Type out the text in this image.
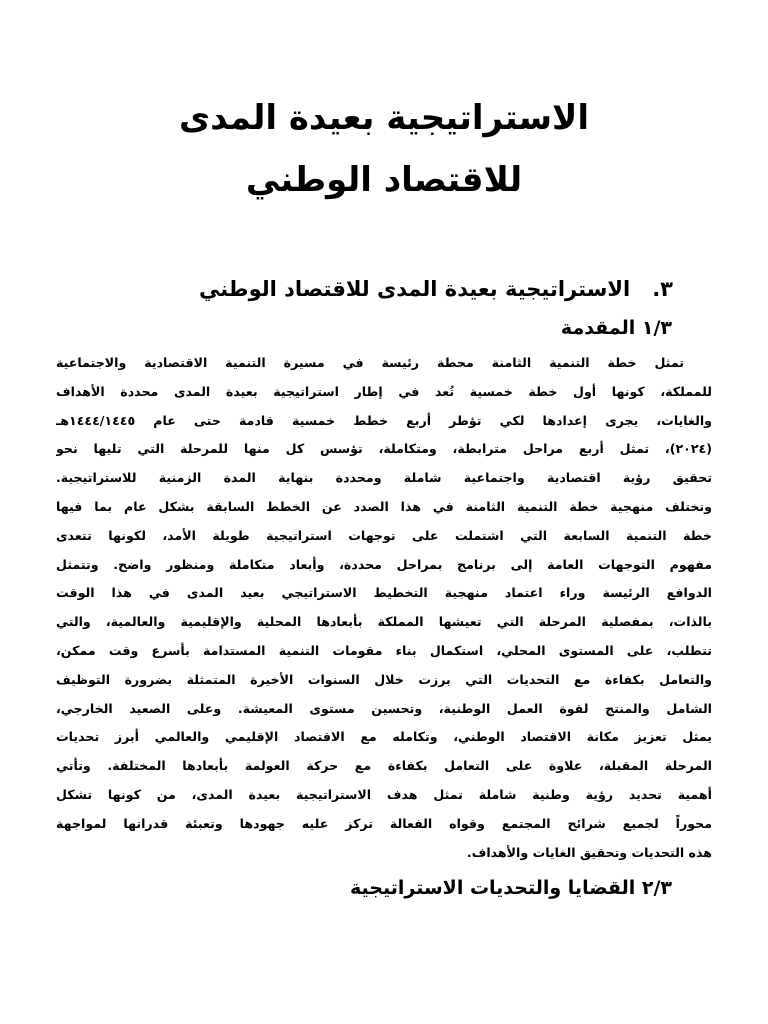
الاستراتيجية بعيدة المدى
للاقتصاد الوطني
٣.الاستراتيجية بعيدة المدى للاقتصاد الوطني
١/٣ المقدمة
تمثل خطة التنمية الثامنة محطة رئيسة في مسيرة التنمية الاقتصادية والاجتماعية
للمملكة، كونها أول خطة خمسية تُعد في إطار استراتيجية بعيدة المدى محددة الأهداف
والغايات، يجرى إعدادها لكي تؤطر أربع خطط خمسية قادمة حتى عام ١٤٤٤/١٤٤٥هـ
(٢٠٢٤)، تمثل أربع مراحل مترابطة، ومتكاملة، تؤسس كل منها للمرحلة التي تليها نحو
تحقيق رؤية اقتصادية واجتماعية شاملة ومحددة بنهاية المدة الزمنية للاستراتيجية.
وتختلف منهجية خطة التنمية الثامنة في هذا الصدد عن الخطط السابقة بشكل عام بما فيها
خطة التنمية السابعة التي اشتملت على توجهات استراتيجية طويلة الأمد، لكونها تتعدى
مفهوم التوجهات العامة إلى برنامج بمراحل محددة، وأبعاد متكاملة ومنظور واضح. وتتمثل
الدوافع الرئيسة وراء اعتماد منهجية التخطيط الاستراتيجي بعيد المدى في هذا الوقت
بالذات، بمفصلية المرحلة التي تعيشها المملكة بأبعادها المحلية والإقليمية والعالمية، والتي
تتطلب، على المستوى المحلي، استكمال بناء مقومات التنمية المستدامة بأسرع وقت ممكن،
والتعامل بكفاءة مع التحديات التي برزت خلال السنوات الأخيرة المتمثلة بضرورة التوظيف
الشامل والمنتج لقوة العمل الوطنية، وتحسين مستوى المعيشة. وعلى الصعيد الخارجي،
يمثل تعزيز مكانة الاقتصاد الوطني، وتكامله مع الاقتصاد الإقليمي والعالمي أبرز تحديات
المرحلة المقبلة، علاوة على التعامل بكفاءة مع حركة العولمة بأبعادها المختلفة. وتأتي
أهمية تحديد رؤية وطنية شاملة تمثل هدف الاستراتيجية بعيدة المدى، من كونها تشكل
محوراً لجميع شرائح المجتمع وقواه الفعالة تركز عليه جهودها وتعبئة قدراتها لمواجهة
هذه التحديات وتحقيق الغايات والأهداف.
٢/٣ القضايا والتحديات الاستراتيجية
